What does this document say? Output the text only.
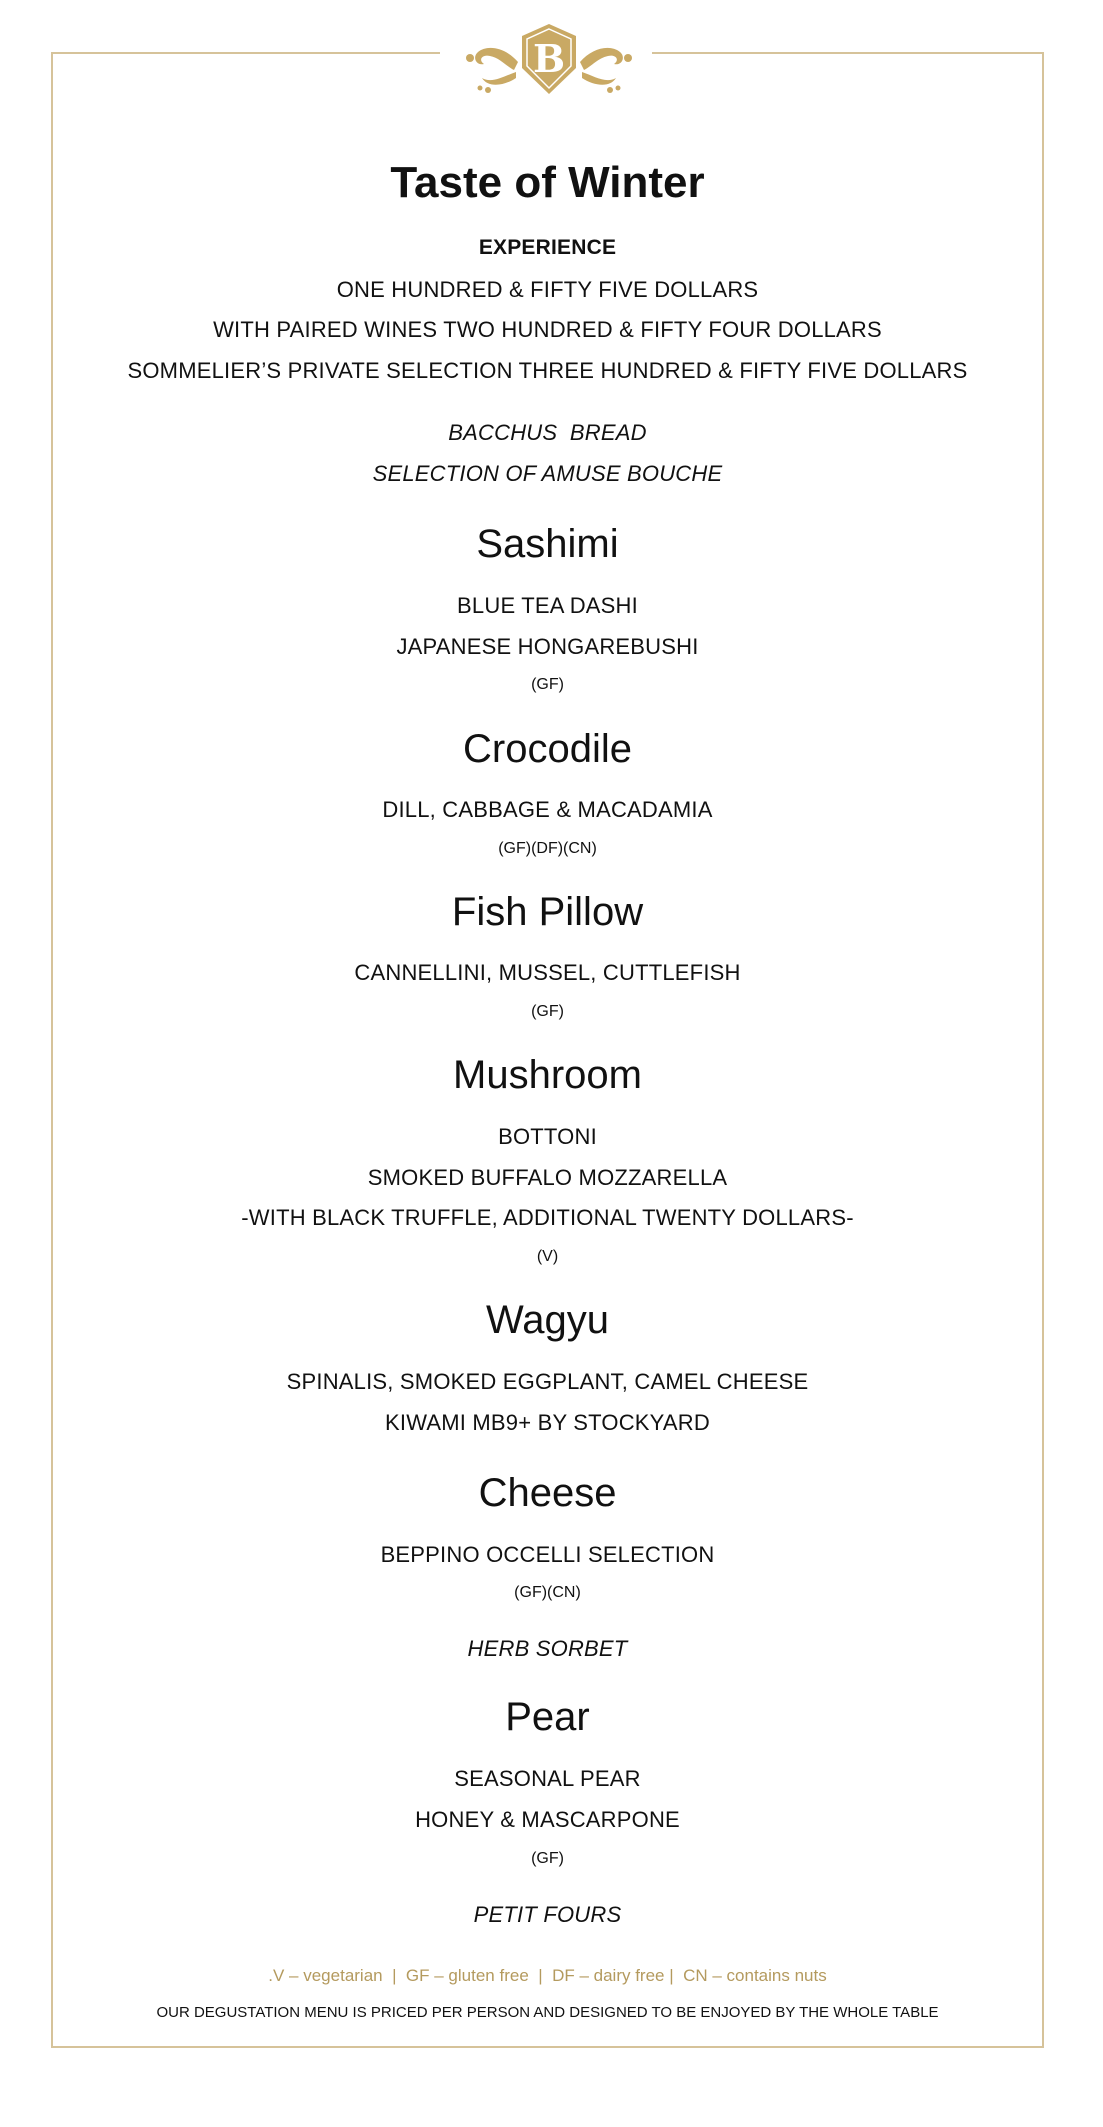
B
Taste of Winter
EXPERIENCE
ONE HUNDRED & FIFTY FIVE DOLLARS
WITH PAIRED WINES TWO HUNDRED & FIFTY FOUR DOLLARS
SOMMELIER’S PRIVATE SELECTION THREE HUNDRED & FIFTY FIVE DOLLARS
BACCHUS  BREAD
SELECTION OF AMUSE BOUCHE
Sashimi
BLUE TEA DASHI
JAPANESE HONGAREBUSHI
(GF)
Crocodile
DILL, CABBAGE & MACADAMIA
(GF)(DF)(CN)
Fish Pillow
CANNELLINI, MUSSEL, CUTTLEFISH
(GF)
Mushroom
BOTTONI
SMOKED BUFFALO MOZZARELLA
-WITH BLACK TRUFFLE, ADDITIONAL TWENTY DOLLARS-
(V)
Wagyu
SPINALIS, SMOKED EGGPLANT, CAMEL CHEESE
KIWAMI MB9+ BY STOCKYARD
Cheese
BEPPINO OCCELLI SELECTION
(GF)(CN)
HERB SORBET
Pear
SEASONAL PEAR
HONEY & MASCARPONE
(GF)
PETIT FOURS
.V – vegetarian  |  GF – gluten free  |  DF – dairy free |  CN – contains nuts
OUR DEGUSTATION MENU IS PRICED PER PERSON AND DESIGNED TO BE ENJOYED BY THE WHOLE TABLE
